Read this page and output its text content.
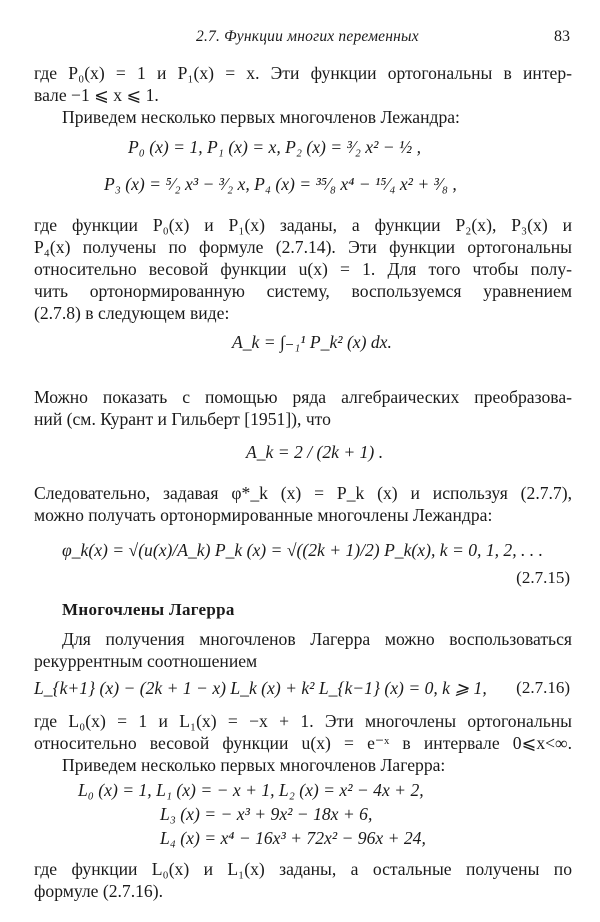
2.7. Функции многих переменных	83
где P₀(x) = 1 и P₁(x) = x. Эти функции ортогональны в интер-
вале −1 ⩽ x ⩽ 1.
Приведем несколько первых многочленов Лежандра:
P₀ (x) = 1, P₁ (x) = x, P₂ (x) = ³⁄₂ x² − ½ ,
P₃ (x) = ⁵⁄₂ x³ − ³⁄₂ x, P₄ (x) = ³⁵⁄₈ x⁴ − ¹⁵⁄₄ x² + ³⁄₈ ,
где функции P₀(x) и P₁(x) заданы, а функции P₂(x), P₃(x) и
P₄(x) получены по формуле (2.7.14). Эти функции ортогональны
относительно весовой функции u(x) = 1. Для того чтобы полу-
чить ортонормированную систему, воспользуемся уравнением
(2.7.8) в следующем виде:
A_k = ∫₋₁¹ P_k² (x) dx.
Можно показать с помощью ряда алгебраических преобразова-
ний (см. Курант и Гильберт [1951]), что
A_k = 2 / (2k + 1) .
Следовательно, задавая φ*_k (x) = P_k (x) и используя (2.7.7),
можно получать ортонормированные многочлены Лежандра:
φ_k(x) = √(u(x)/A_k) P_k (x) = √((2k + 1)/2) P_k(x), k = 0, 1, 2, . . .
(2.7.15)
Многочлены Лагерра
Для получения многочленов Лагерра можно воспользоваться
рекуррентным соотношением
L_{k+1} (x) − (2k + 1 − x) L_k (x) + k² L_{k−1} (x) = 0, k ⩾ 1, (2.7.16)
где L₀(x) = 1 и L₁(x) = −x + 1. Эти многочлены ортогональны
относительно весовой функции u(x) = e⁻ˣ в интервале 0⩽x<∞.
Приведем несколько первых многочленов Лагерра:
L₀ (x) = 1, L₁ (x) = − x + 1, L₂ (x) = x² − 4x + 2,
L₃ (x) = − x³ + 9x² − 18x + 6,
L₄ (x) = x⁴ − 16x³ + 72x² − 96x + 24,
где функции L₀(x) и L₁(x) заданы, а остальные получены по
формуле (2.7.16).
